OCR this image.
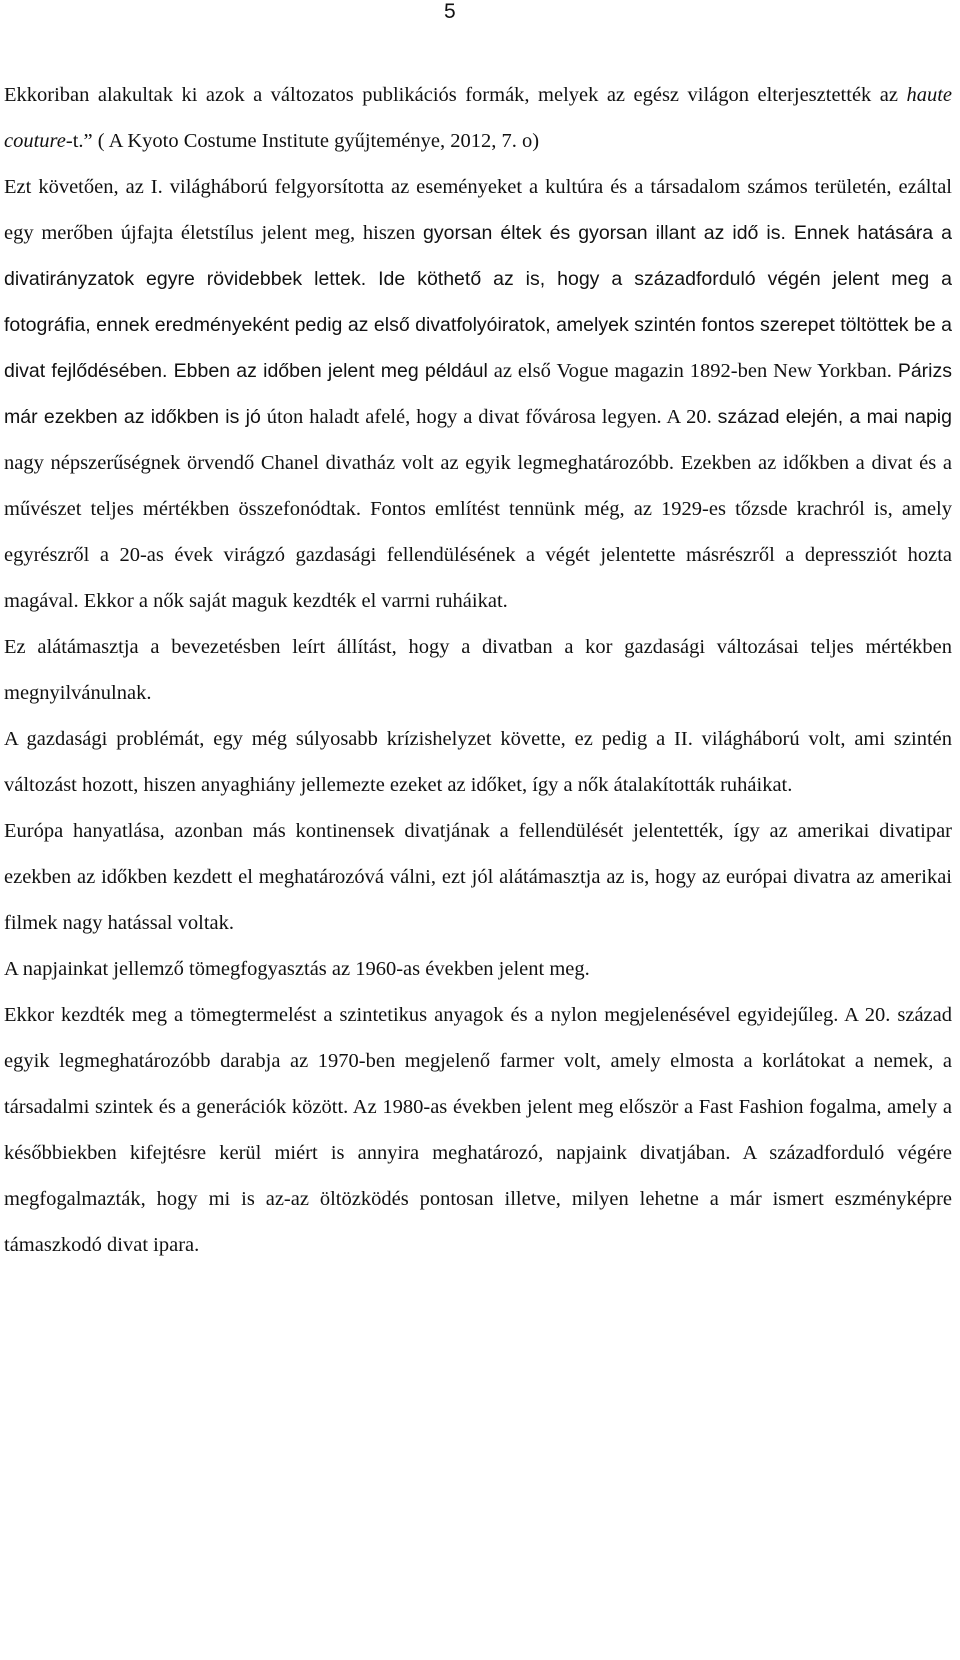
5

Ekkoriban alakultak ki azok a változatos publikációs formák, melyek az egész világon elterjesztették az haute couture-t.” ( A Kyoto Costume Institute gyűjteménye, 2012, 7. o)

Ezt követően, az I. világháború felgyorsította az eseményeket a kultúra és a társadalom számos területén, ezáltal egy merőben újfajta életstílus jelent meg, hiszen gyorsan éltek és gyorsan illant az idő is. Ennek hatására a divatirányzatok egyre rövidebbek lettek. Ide köthető az is, hogy a századforduló végén jelent meg a fotográfia, ennek eredményeként pedig az első divatfolyóiratok, amelyek szintén fontos szerepet töltöttek be a divat fejlődésében. Ebben az időben jelent meg például az első Vogue magazin 1892-ben New Yorkban. Párizs már ezekben az időkben is jó úton haladt afelé, hogy a divat fővárosa legyen. A 20. század elején, a mai napig nagy népszerűségnek örvendő Chanel divatház volt az egyik legmeghatározóbb. Ezekben az időkben a divat és a művészet teljes mértékben összefonódtak. Fontos említést tennünk még, az 1929-es tőzsde krachról is, amely egyrészről a 20-as évek virágzó gazdasági fellendülésének a végét jelentette másrészről a depressziót hozta magával. Ekkor a nők saját maguk kezdték el varrni ruháikat.

Ez alátámasztja a bevezetésben leírt állítást, hogy a divatban a kor gazdasági változásai teljes mértékben megnyilvánulnak.

A gazdasági problémát, egy még súlyosabb krízishelyzet követte, ez pedig a II. világháború volt, ami szintén változást hozott, hiszen anyaghiány jellemezte ezeket az időket, így a nők átalakították ruháikat.

Európa hanyatlása, azonban más kontinensek divatjának a fellendülését jelentették, így az amerikai divatipar ezekben az időkben kezdett el meghatározóvá válni, ezt jól alátámasztja az is, hogy az európai divatra az amerikai filmek nagy hatással voltak.

A napjainkat jellemző tömegfogyasztás az 1960-as években jelent meg.

Ekkor kezdték meg a tömegtermelést a szintetikus anyagok és a nylon megjelenésével egyidejűleg. A 20. század egyik legmeghatározóbb darabja az 1970-ben megjelenő farmer volt, amely elmosta a korlátokat a nemek, a társadalmi szintek és a generációk között. Az 1980-as években jelent meg először a Fast Fashion fogalma, amely a későbbiekben kifejtésre kerül miért is annyira meghatározó, napjaink divatjában. A századforduló végére megfogalmazták, hogy mi is az-az öltözködés pontosan illetve, milyen lehetne a már ismert eszményképre támaszkodó divat ipara.
